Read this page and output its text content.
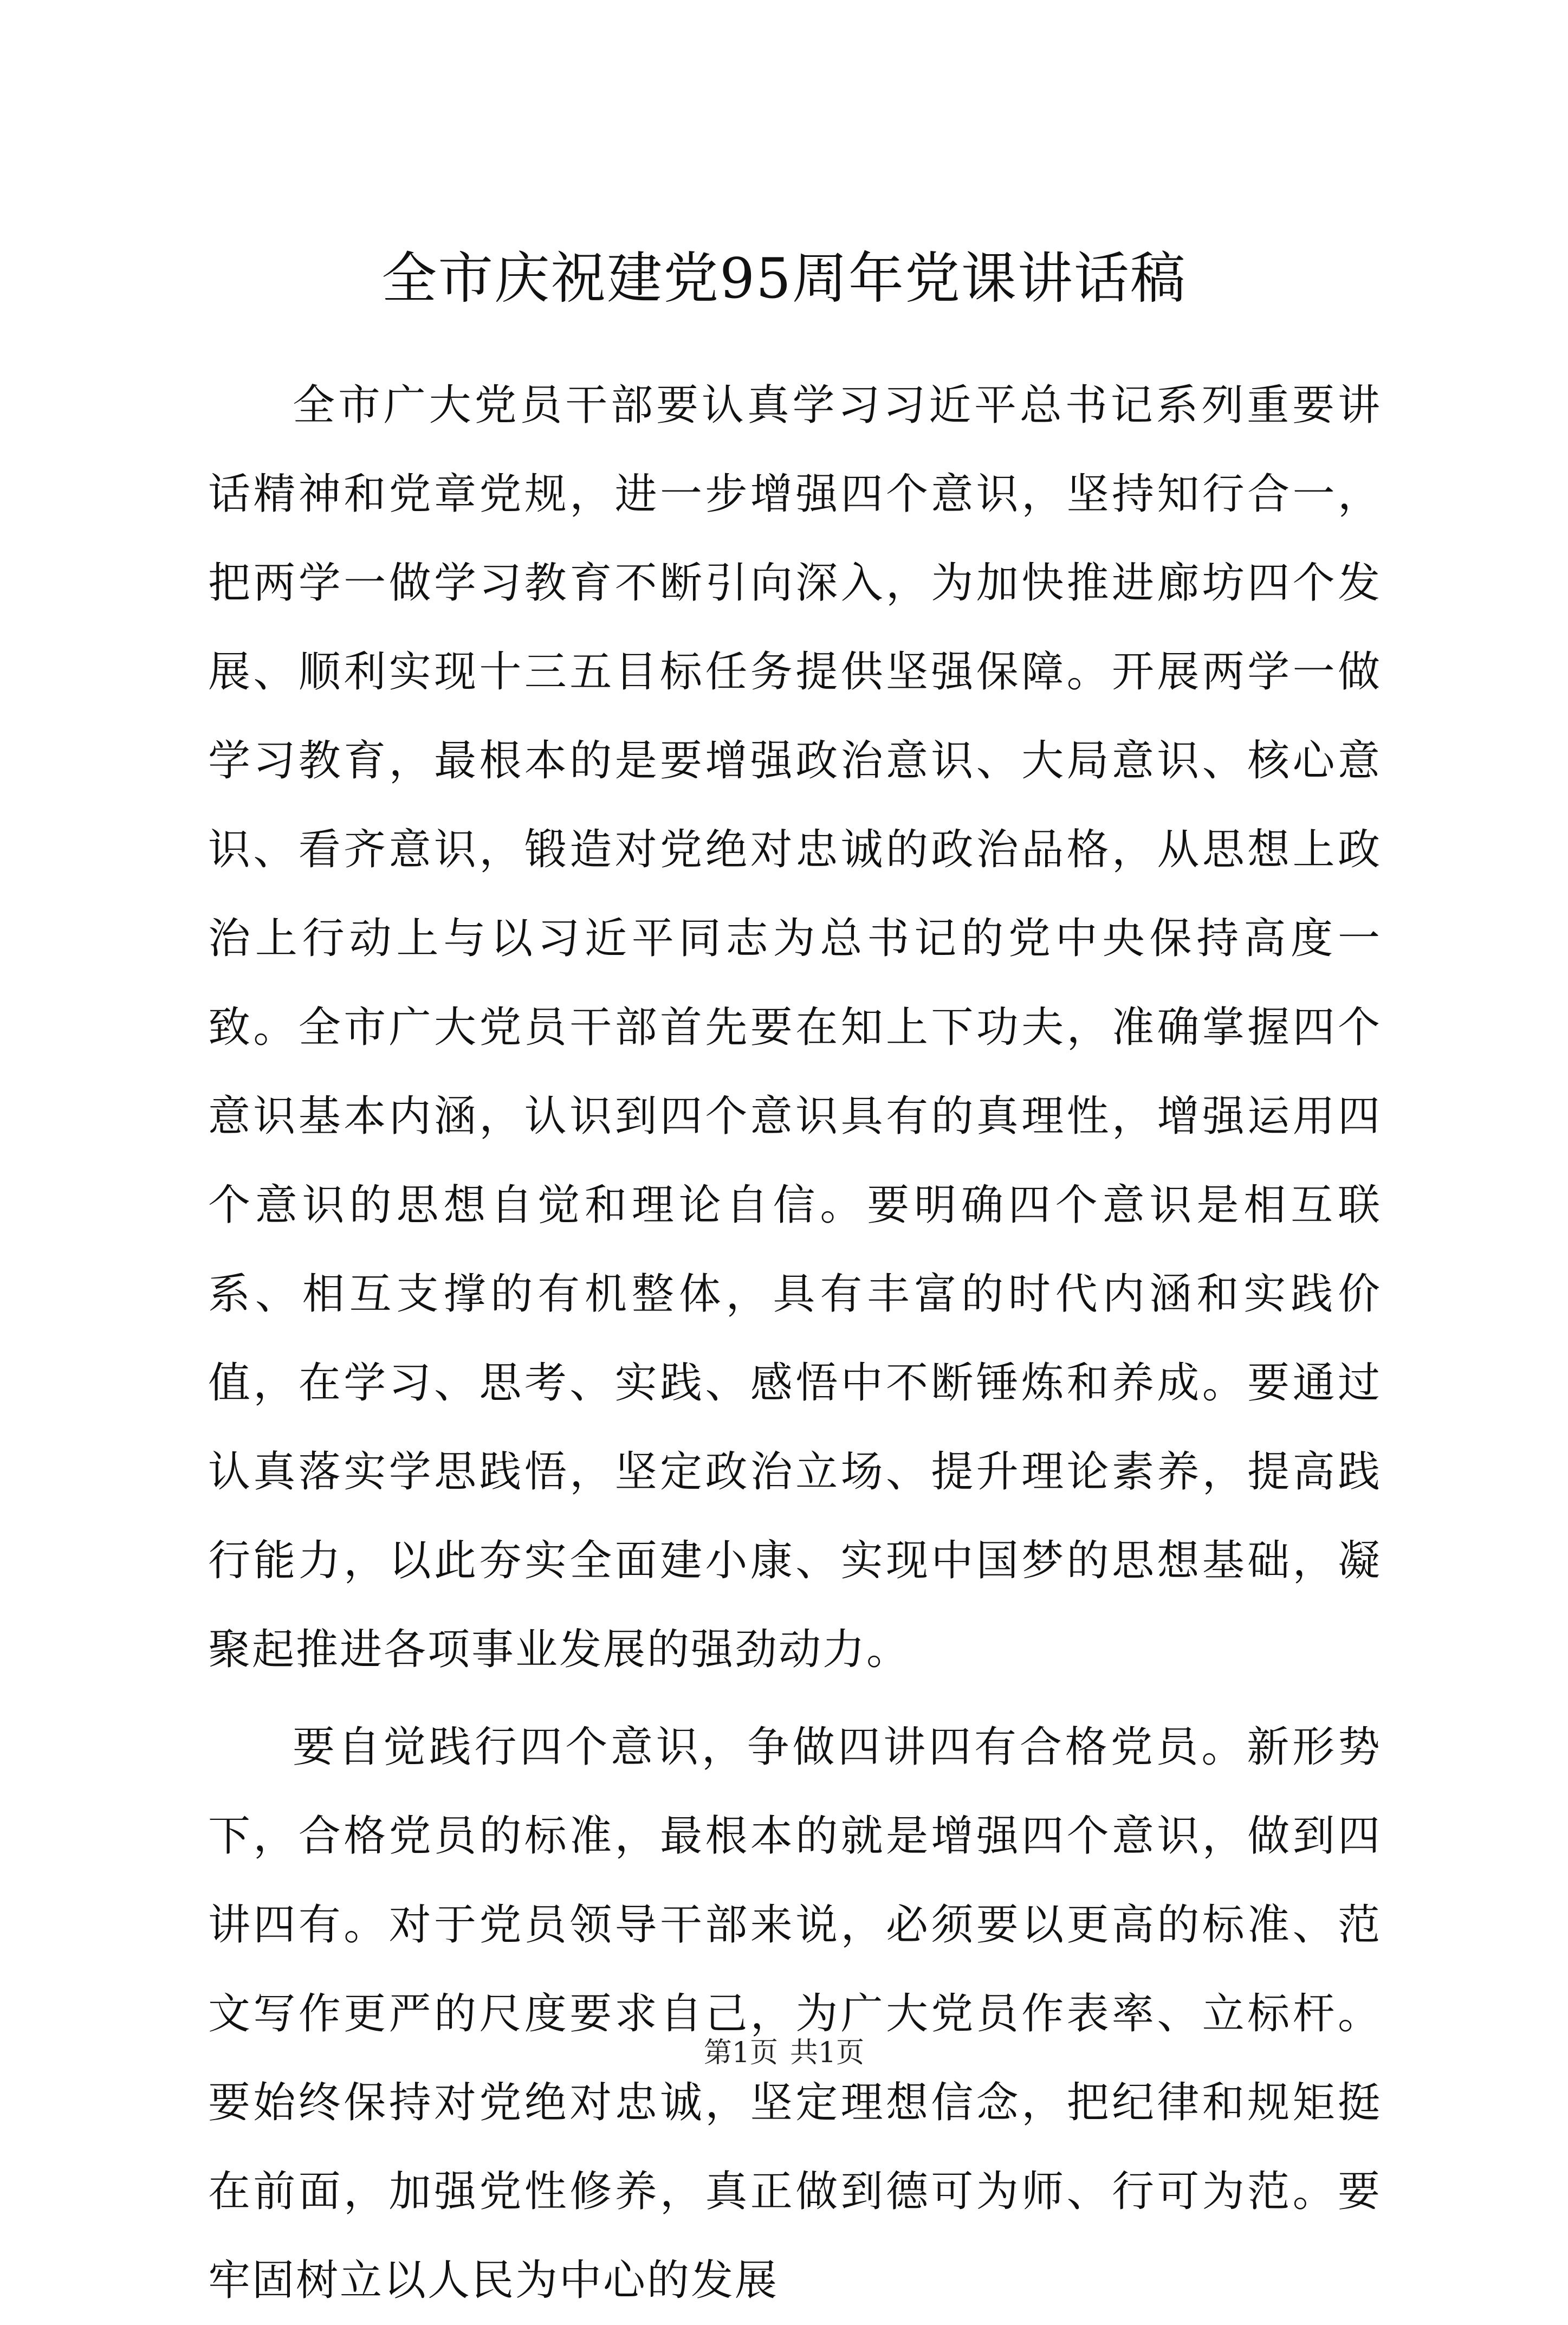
全市庆祝建党95周年党课讲话稿

全市广大党员干部要认真学习习近平总书记系列重要讲话精神和党章党规，进一步增强四个意识，坚持知行合一，把两学一做学习教育不断引向深入，为加快推进廊坊四个发展、顺利实现十三五目标任务提供坚强保障。开展两学一做学习教育，最根本的是要增强政治意识、大局意识、核心意识、看齐意识，锻造对党绝对忠诚的政治品格，从思想上政治上行动上与以习近平同志为总书记的党中央保持高度一致。全市广大党员干部首先要在知上下功夫，准确掌握四个意识基本内涵，认识到四个意识具有的真理性，增强运用四个意识的思想自觉和理论自信。要明确四个意识是相互联系、相互支撑的有机整体，具有丰富的时代内涵和实践价值，在学习、思考、实践、感悟中不断锤炼和养成。要通过认真落实学思践悟，坚定政治立场、提升理论素养，提高践行能力，以此夯实全面建小康、实现中国梦的思想基础，凝聚起推进各项事业发展的强劲动力。

要自觉践行四个意识，争做四讲四有合格党员。新形势下，合格党员的标准，最根本的就是增强四个意识，做到四讲四有。对于党员领导干部来说，必须要以更高的标准、范文写作更严的尺度要求自己，为广大党员作表率、立标杆。要始终保持对党绝对忠诚，坚定理想信念，把纪律和规矩挺在前面，加强党性修养，真正做到德可为师、行可为范。要牢固树立以人民为中心的发展

第1页 共1页
